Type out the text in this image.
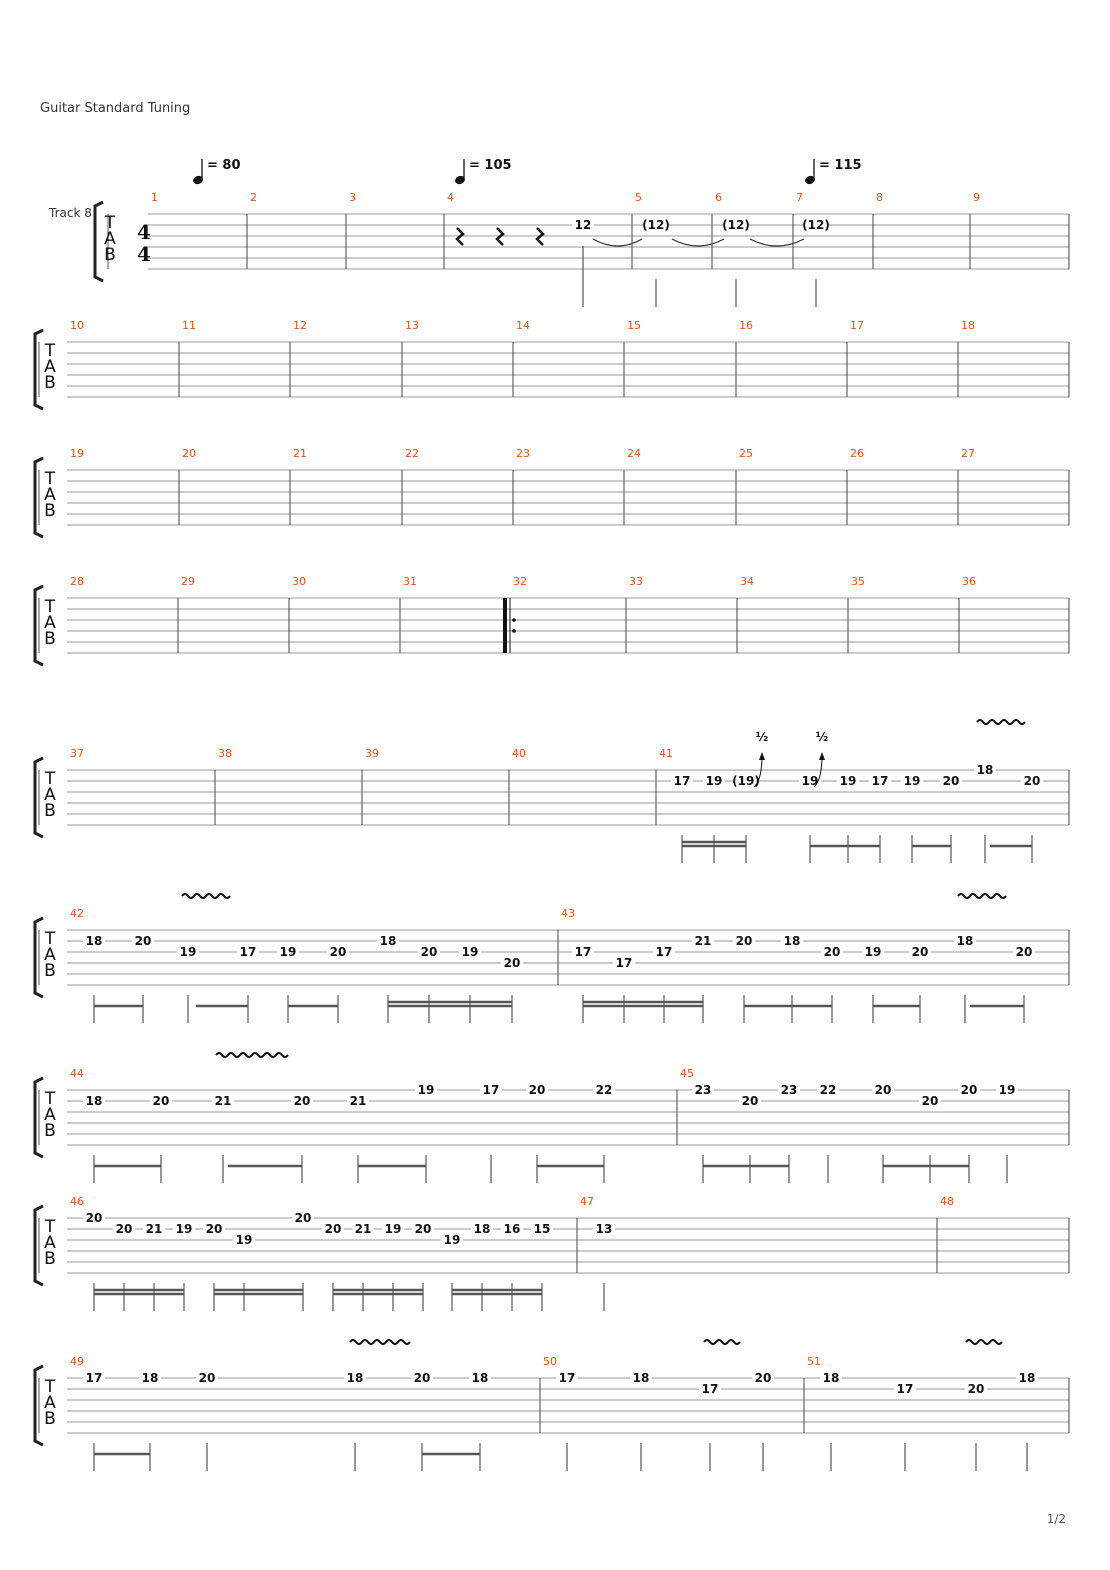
Guitar Standard Tuning
T
A
B
1	2	3	4	5	6	7	8	9
12	(12)	(12)	(12)
T
A
B
10	11	12	13	14	15	16	17	18
T
A
B
19	20	21	22	23	24	25	26	27
T
A
B
28	29	30	31	32	33	34	35	36
T
A
B
37	38	39	40	41
17 19 (19)	19 19 17 19 20
18
20
T
A
B
42	43
18	20
19	17 19	20
18
20 19
20
17
17
17
21 20	18
20 19	20
18
20
T
A
B
44	45
18	20	21	20	21
19	17 20	22	23
20
23 22	20
20
20 19
T
A
B
46	47	48
20
20 21 19 20
19
20
20 21 19 20
19
18 16 15	13
T
A
B
49	50	51
17	18	20	18	20	18	17	18
17
20	18
17	20
18
Track 8
4
4
= 80	= 105	= 115
½	½
1/2
